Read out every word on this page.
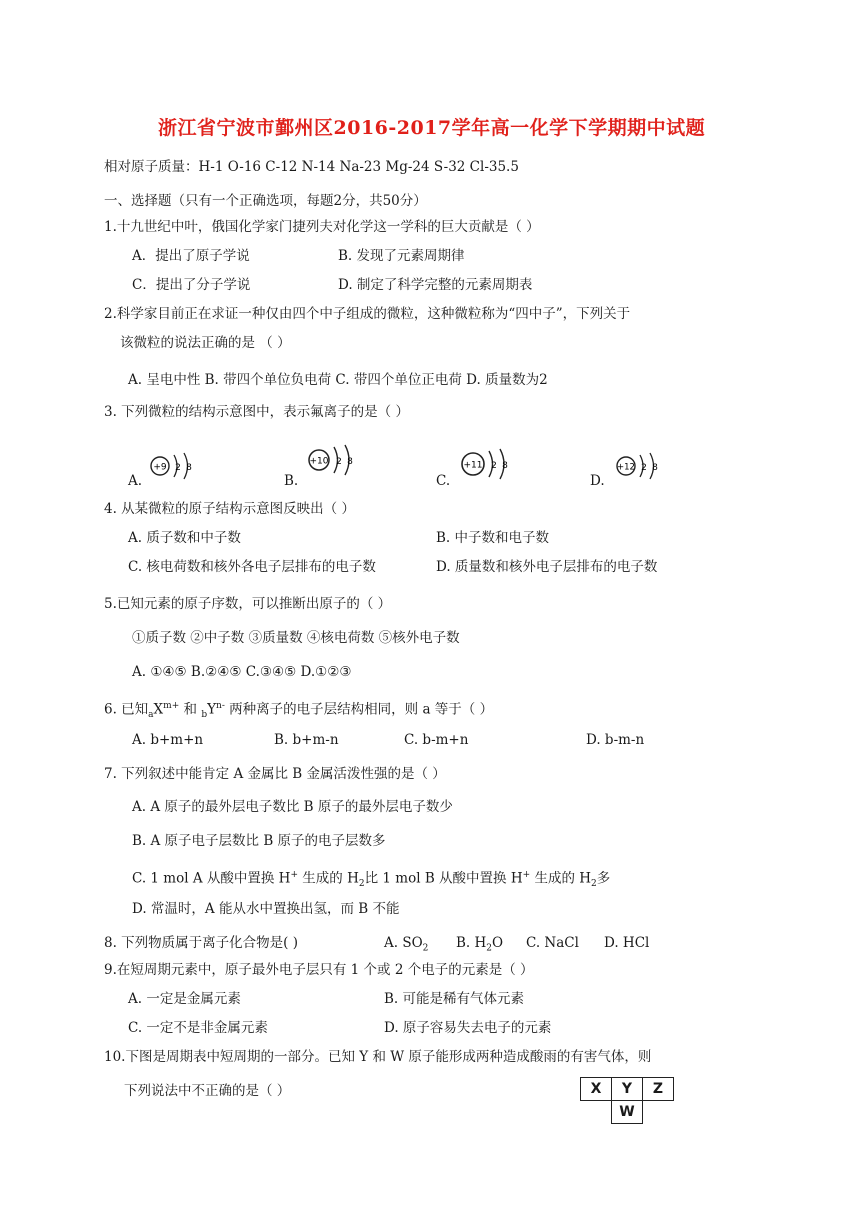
浙江省宁波市鄞州区2016-2017学年高一化学下学期期中试题
相对原子质量：H-1 O-16 C-12 N-14 Na-23 Mg-24 S-32 Cl-35.5
一、选择题（只有一个正确选项，每题2分，共50分）
1.十九世纪中叶，俄国化学家门捷列夫对化学这一学科的巨大贡献是（ ）
A．提出了原子学说	B. 发现了元素周期律
C．提出了分子学说	D. 制定了科学完整的元素周期表
2.科学家目前正在求证一种仅由四个中子组成的微粒，这种微粒称为“四中子”，下列关于
该微粒的说法正确的是 （ ）
A. 呈电中性 B. 带四个单位负电荷 C. 带四个单位正电荷 D. 质量数为2
3. 下列微粒的结构示意图中，表示氟离子的是（ ）
A.
+9 2 8
B.
+10 2 8
C.
+11 2 8
D.
+12 2 8
4. 从某微粒的原子结构示意图反映出（ ）
A. 质子数和中子数	B. 中子数和电子数
C. 核电荷数和核外各电子层排布的电子数	D. 质量数和核外电子层排布的电子数
5.已知元素的原子序数，可以推断出原子的（ ）
①质子数 ②中子数 ③质量数 ④核电荷数 ⑤核外电子数
A. ①④⑤ B.②④⑤ C.③④⑤ D.①②③
6. 已知$_aX^{m+}$ 和 $_bY^{n-}$ 两种离子的电子层结构相同，则 a 等于（ ）
A. b+m+n	B. b+m-n	C. b-m+n	D. b-m-n
7. 下列叙述中能肯定 A 金属比 B 金属活泼性强的是（ ）
A. A 原子的最外层电子数比 B 原子的最外层电子数少
B. A 原子电子层数比 B 原子的电子层数多
C. 1 mol A 从酸中置换 H+ 生成的 $H_2$比 1 mol B 从酸中置换 H+ 生成的 $H_2$多
D. 常温时，A 能从水中置换出氢，而 B 不能
8. 下列物质属于离子化合物是( )	A. $SO_2$ B. $H_2O$ C. NaCl D. HCl
9.在短周期元素中，原子最外电子层只有 1 个或 2 个电子的元素是（ ）
A. 一定是金属元素	B. 可能是稀有气体元素
C. 一定不是非金属元素	D. 原子容易失去电子的元素
10.下图是周期表中短周期的一部分。已知 Y 和 W 原子能形成两种造成酸雨的有害气体，则
下列说法中不正确的是（ ）	X	Y	Z
	W	
